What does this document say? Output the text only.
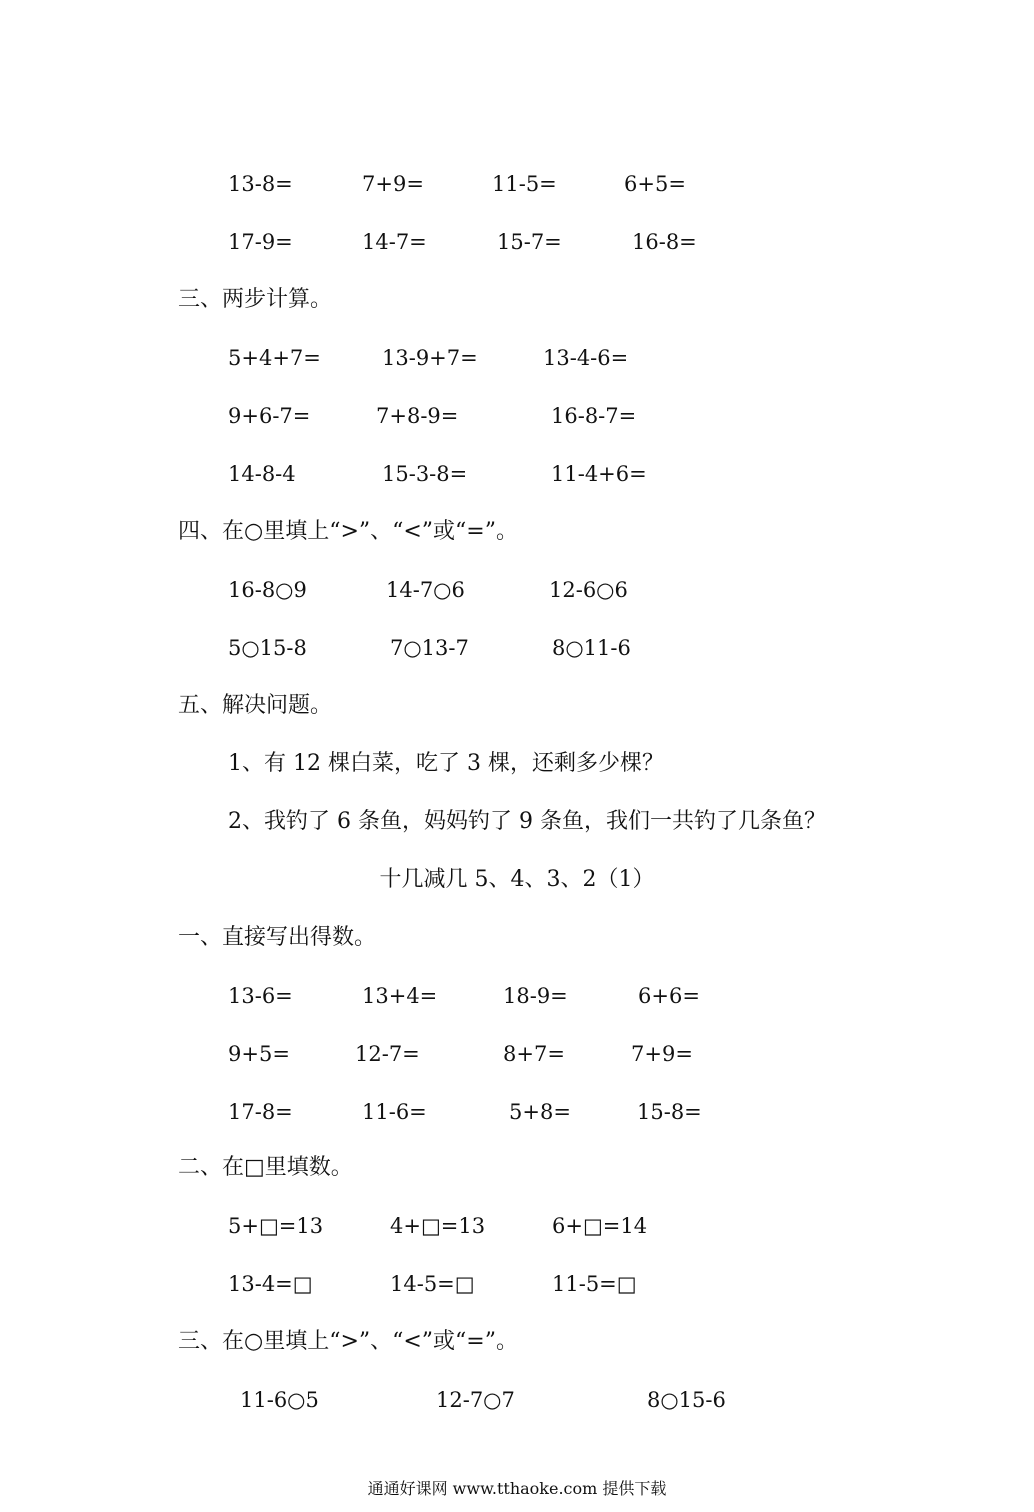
13-8=	7+9=	11-5=	6+5=
17-9=	14-7=	15-7=	16-8=
三、两步计算。
5+4+7=	13-9+7=	13-4-6=
9+6-7=	7+8-9=	16-8-7=
14-8-4	15-3-8=	11-4+6=
四、在○里填上“>”、“<”或“=”。
16-8○9	14-7○6	12-6○6
5○15-8	7○13-7	8○11-6
五、解决问题。
1、有 12 棵白菜，吃了 3 棵，还剩多少棵？
2、我钓了 6 条鱼，妈妈钓了 9 条鱼，我们一共钓了几条鱼？
十几减几 5、4、3、2（1）
一、直接写出得数。
13-6=	13+4=	18-9=	6+6=
9+5=	12-7=	8+7=	7+9=
17-8=	11-6=	5+8=	15-8=
二、在□里填数。
5+□=13	4+□=13	6+□=14
13-4=□	14-5=□	11-5=□
三、在○里填上“>”、“<”或“=”。
11-6○5	12-7○7	8○15-6
通通好课网 www.tthaoke.com 提供下载
